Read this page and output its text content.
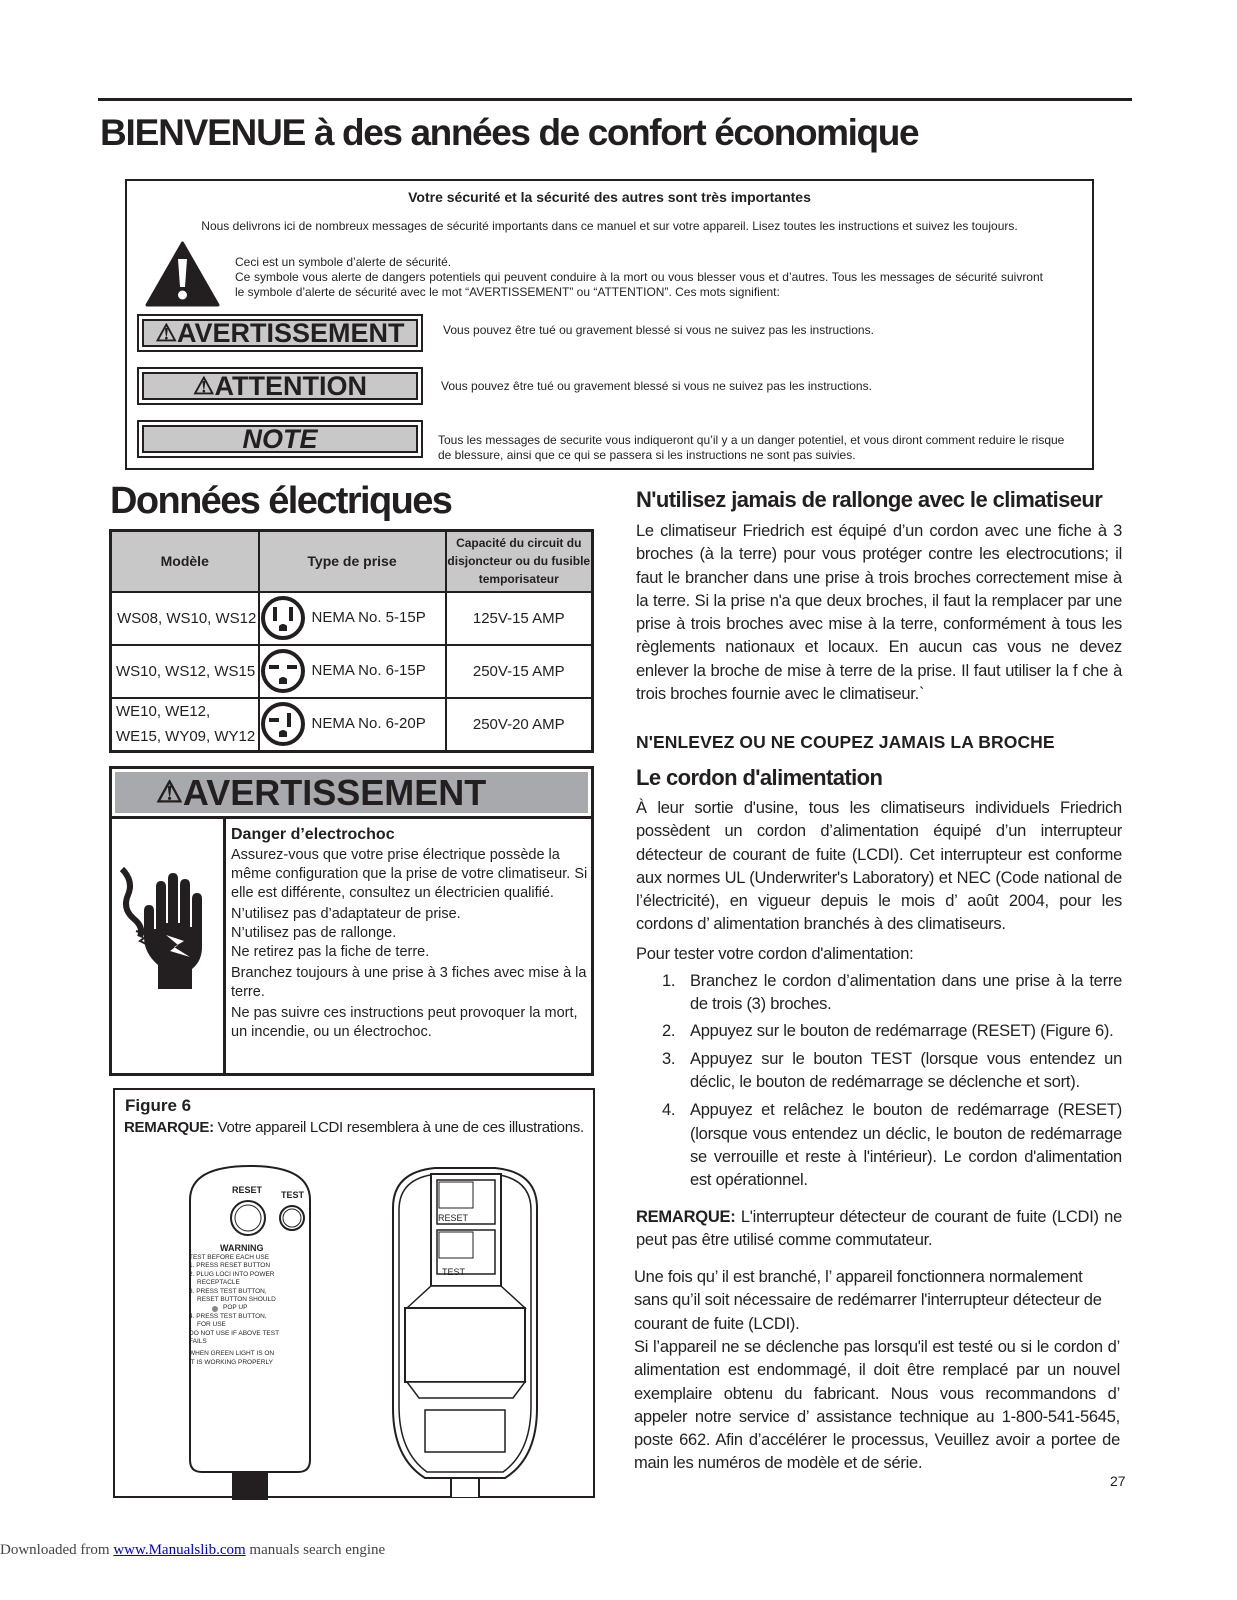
BIENVENUE à des années de confort économique
Votre sécurité et la sécurité des autres sont très importantes
Nous delivrons ici de nombreux messages de sécurité importants dans ce manuel et sur votre appareil. Lisez toutes les instructions et suivez les toujours.
Ceci est un symbole d’alerte de sécurité.
Ce symbole vous alerte de dangers potentiels qui peuvent conduire à la mort ou vous blesser vous et d’autres. Tous les messages de sécurité suivront le symbole d’alerte de sécurité avec le mot “AVERTISSEMENT” ou “ATTENTION”. Ces mots signifient:
⚠ AVERTISSEMENT	Vous pouvez être tué ou gravement blessé si vous ne suivez pas les instructions.
⚠ ATTENTION	Vous pouvez être tué ou gravement blessé si vous ne suivez pas les instructions.
NOTE	Tous les messages de securite vous indiqueront qu’il y a un danger potentiel, et vous diront comment reduire le risque de blessure, ainsi que ce qui se passera si les instructions ne sont pas suivies.
Données électriques
Modèle	Type de prise	Capacité du circuit du disjoncteur ou du fusible temporisateur
WS08, WS10, WS12	NEMA No. 5-15P	125V-15 AMP
WS10, WS12, WS15	NEMA No. 6-15P	250V-15 AMP
WE10, WE12, WE15, WY09, WY12	NEMA No. 6-20P	250V-20 AMP
⚠ AVERTISSEMENT
Danger d’electrochoc

Assurez-vous que votre prise électrique possède la même configuration que la prise de votre climatiseur. Si elle est différente, consultez un électricien qualifié.

N’utilisez pas d’adaptateur de prise.

N’utilisez pas de rallonge.

Ne retirez pas la fiche de terre.

Branchez toujours à une prise à 3 fiches avec mise à la terre.

Ne pas suivre ces instructions peut provoquer la mort, un incendie, ou un électrochoc.

Figure 6
REMARQUE: Votre appareil LCDI resemblera à une de ces illustrations.
RESET TEST
WARNING
TEST BEFORE EACH USE
1. PRESS RESET BUTTON
2. PLUG LOCI INTO POWER
RECEPTACLE
3. PRESS TEST BUTTON,
RESET BUTTON SHOULD
POP UP
4. PRESS TEST BUTTON,
FOR USE
DO NOT USE IF ABOVE TEST
FAILS
WHEN GREEN LIGHT IS ON
IT IS WORKING PROPERLY
RESET
TEST
N'utilisez jamais de rallonge avec le climatiseur

Le climatiseur Friedrich est équipé d’un cordon avec une fiche à 3 broches (à la terre) pour vous protéger contre les electrocutions; il faut le brancher dans une prise à trois broches correctement mise à la terre. Si la prise n'a que deux broches, il faut la remplacer par une prise à trois broches avec mise à la terre, conformément à tous les règlements nationaux et locaux. En aucun cas vous ne devez enlever la broche de mise à terre de la prise. Il faut utiliser la f che à trois broches fournie avec le climatiseur.`

N'ENLEVEZ OU NE COUPEZ JAMAIS LA BROCHE
Le cordon d'alimentation

À leur sortie d'usine, tous les climatiseurs individuels Friedrich possèdent un cordon d’alimentation équipé d’un interrupteur détecteur de courant de fuite (LCDI). Cet interrupteur est conforme aux normes UL (Underwriter's Laboratory) et NEC (Code national de l’électricité), en vigueur depuis le mois d’ août 2004, pour les cordons d’ alimentation branchés à des climatiseurs.

Pour tester votre cordon d'alimentation:

1. Branchez le cordon d’alimentation dans une prise à la terre de trois (3) broches.
2. Appuyez sur le bouton de redémarrage (RESET) (Figure 6).
3. Appuyez sur le bouton TEST (lorsque vous entendez un déclic, le bouton de redémarrage se déclenche et sort).
4. Appuyez et relâchez le bouton de redémarrage (RESET) (lorsque vous entendez un déclic, le bouton de redémarrage se verrouille et reste à l'intérieur). Le cordon d'alimentation est opérationnel.

REMARQUE: L'interrupteur détecteur de courant de fuite (LCDI) ne peut pas être utilisé comme commutateur.

Une fois qu’ il est branché, l’ appareil fonctionnera normalement sans qu’il soit nécessaire de redémarrer l'interrupteur détecteur de courant de fuite (LCDI).

Si l’appareil ne se déclenche pas lorsqu'il est testé ou si le cordon d’ alimentation est endommagé, il doit être remplacé par un nouvel exemplaire obtenu du fabricant. Nous vous recommandons d’ appeler notre service d’ assistance technique au 1-800-541-5645, poste 662. Afin d’accélérer le processus, Veuillez avoir a portee de main les numéros de modèle et de série.

27
Downloaded from www.Manualslib.com manuals search engine
